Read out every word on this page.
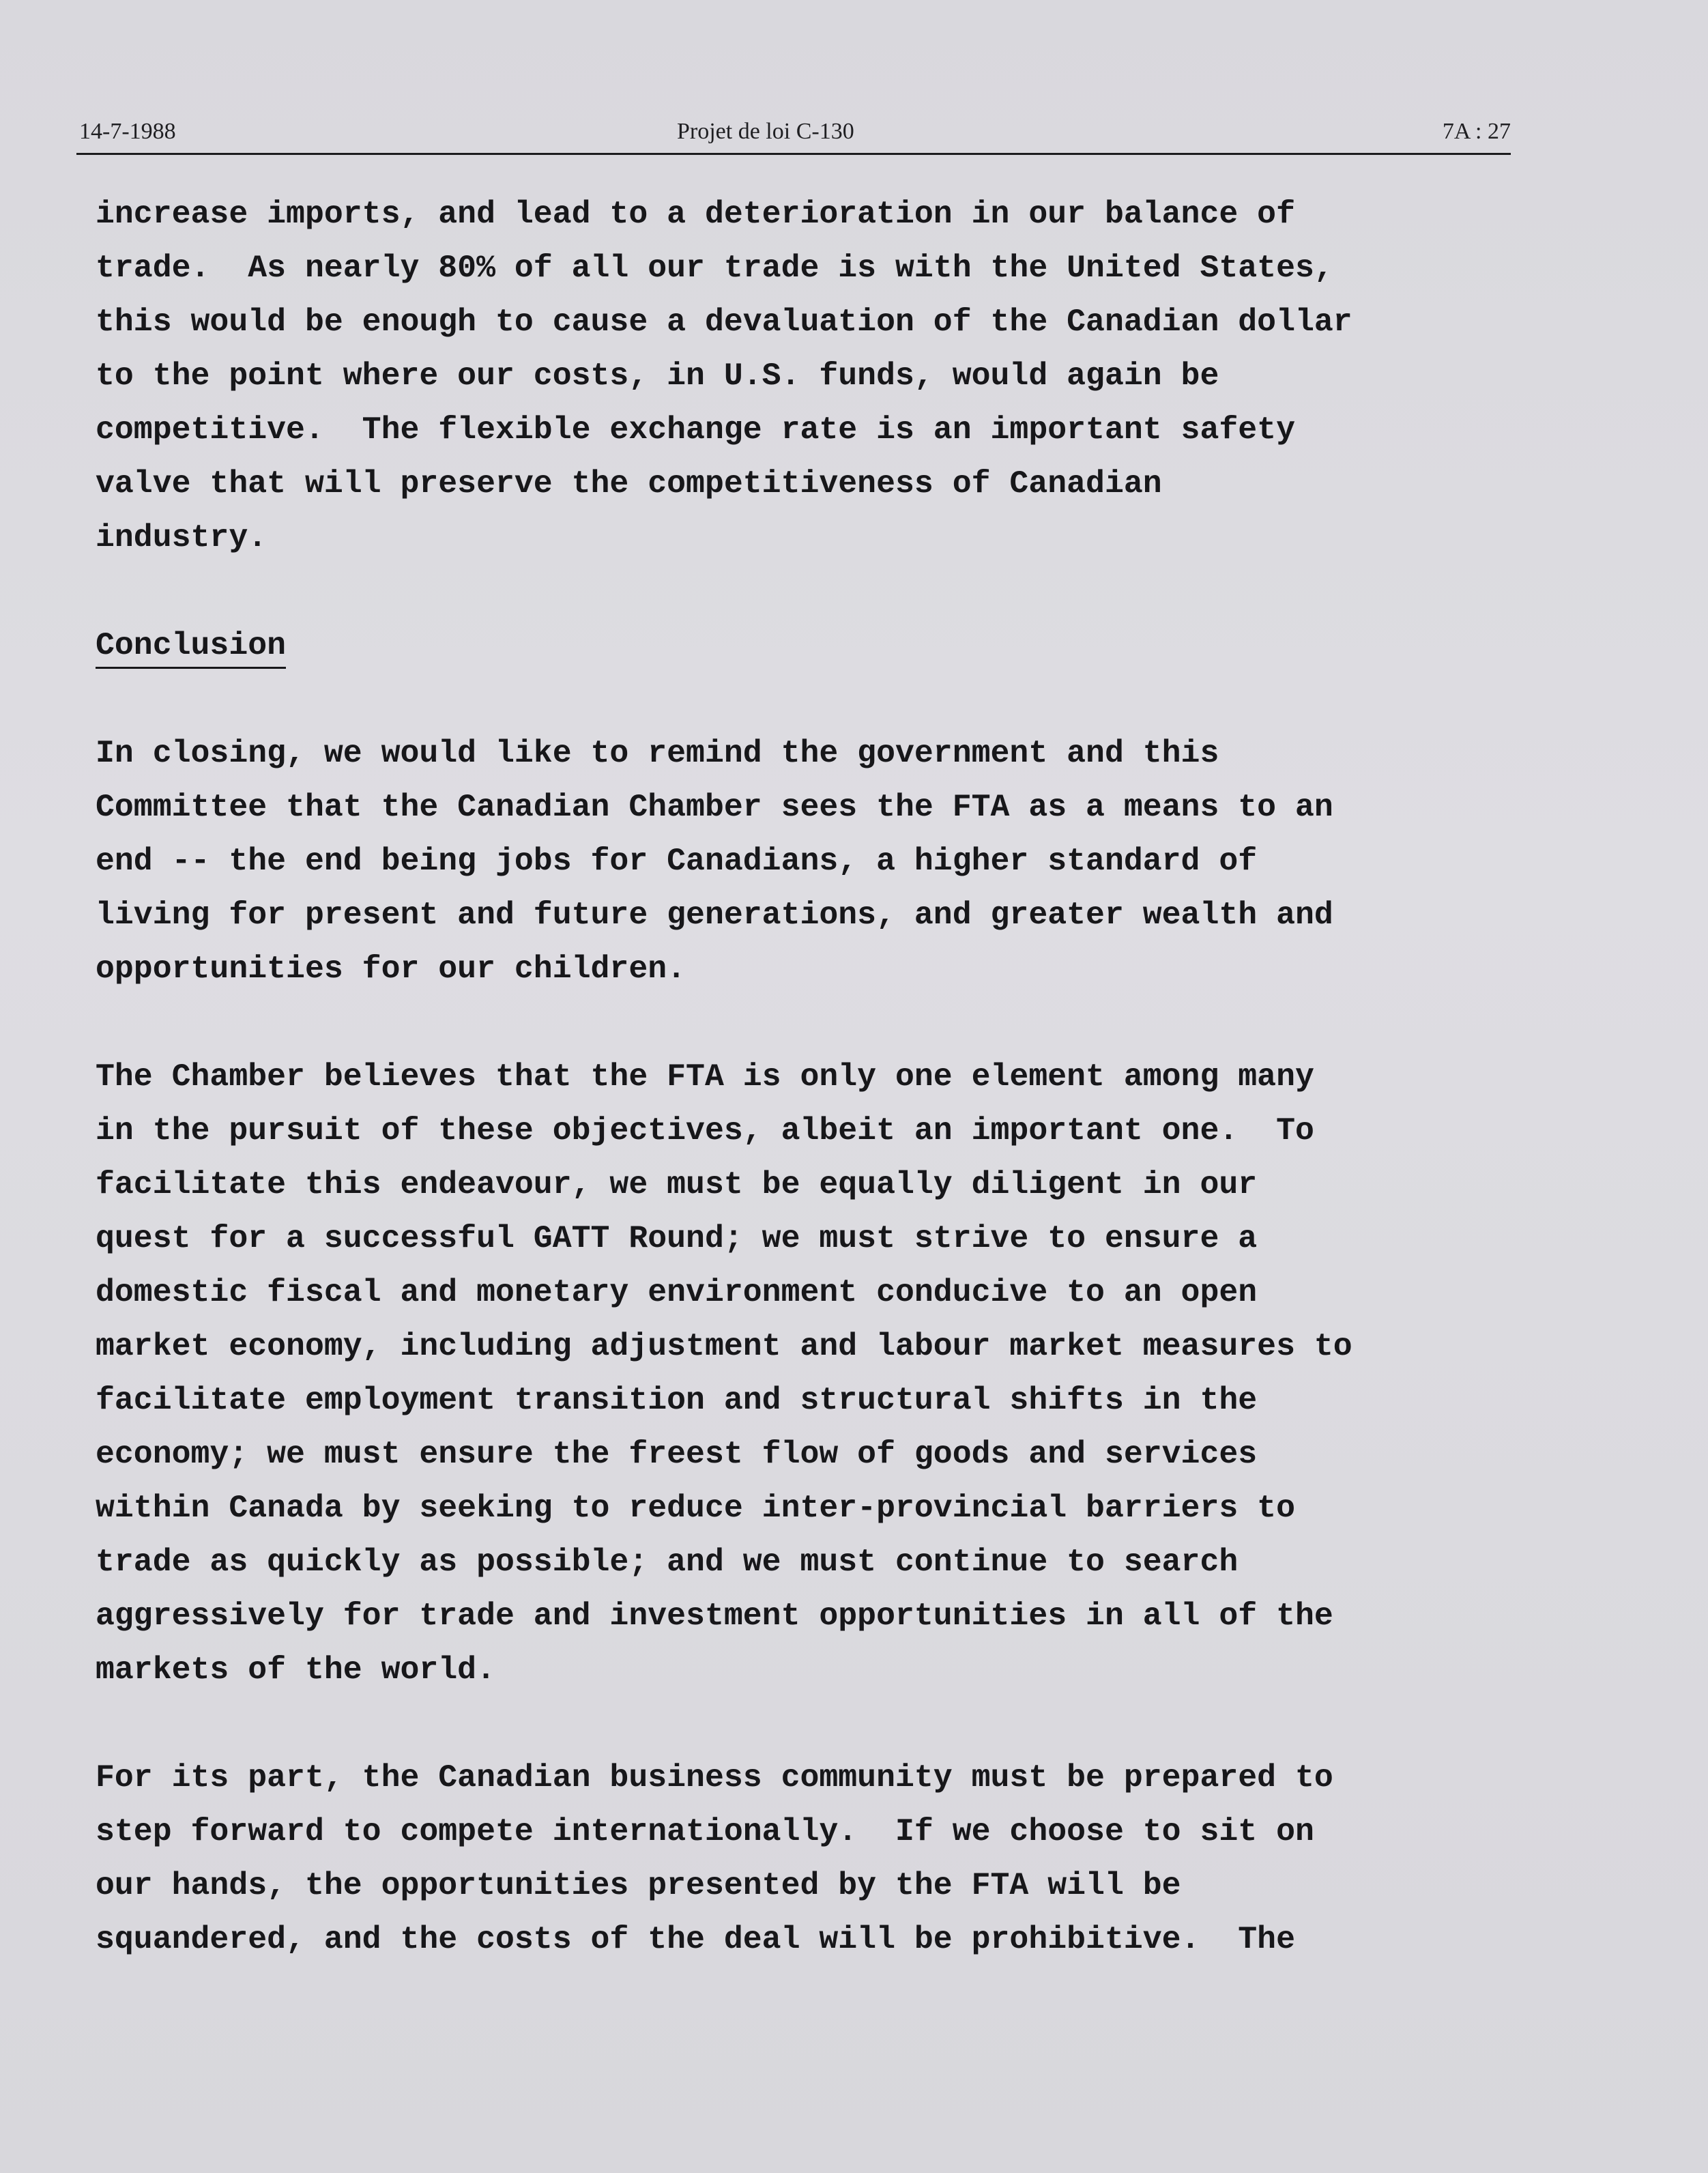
14-7-1988	Projet de loi C-130	7A : 27
increase imports, and lead to a deterioration in our balance of
trade.  As nearly 80% of all our trade is with the United States,
this would be enough to cause a devaluation of the Canadian dollar
to the point where our costs, in U.S. funds, would again be
competitive.  The flexible exchange rate is an important safety
valve that will preserve the competitiveness of Canadian
industry.
Conclusion
In closing, we would like to remind the government and this
Committee that the Canadian Chamber sees the FTA as a means to an
end -- the end being jobs for Canadians, a higher standard of
living for present and future generations, and greater wealth and
opportunities for our children.
The Chamber believes that the FTA is only one element among many
in the pursuit of these objectives, albeit an important one.  To
facilitate this endeavour, we must be equally diligent in our
quest for a successful GATT Round; we must strive to ensure a
domestic fiscal and monetary environment conducive to an open
market economy, including adjustment and labour market measures to
facilitate employment transition and structural shifts in the
economy; we must ensure the freest flow of goods and services
within Canada by seeking to reduce inter-provincial barriers to
trade as quickly as possible; and we must continue to search
aggressively for trade and investment opportunities in all of the
markets of the world.
For its part, the Canadian business community must be prepared to
step forward to compete internationally.  If we choose to sit on
our hands, the opportunities presented by the FTA will be
squandered, and the costs of the deal will be prohibitive.  The
